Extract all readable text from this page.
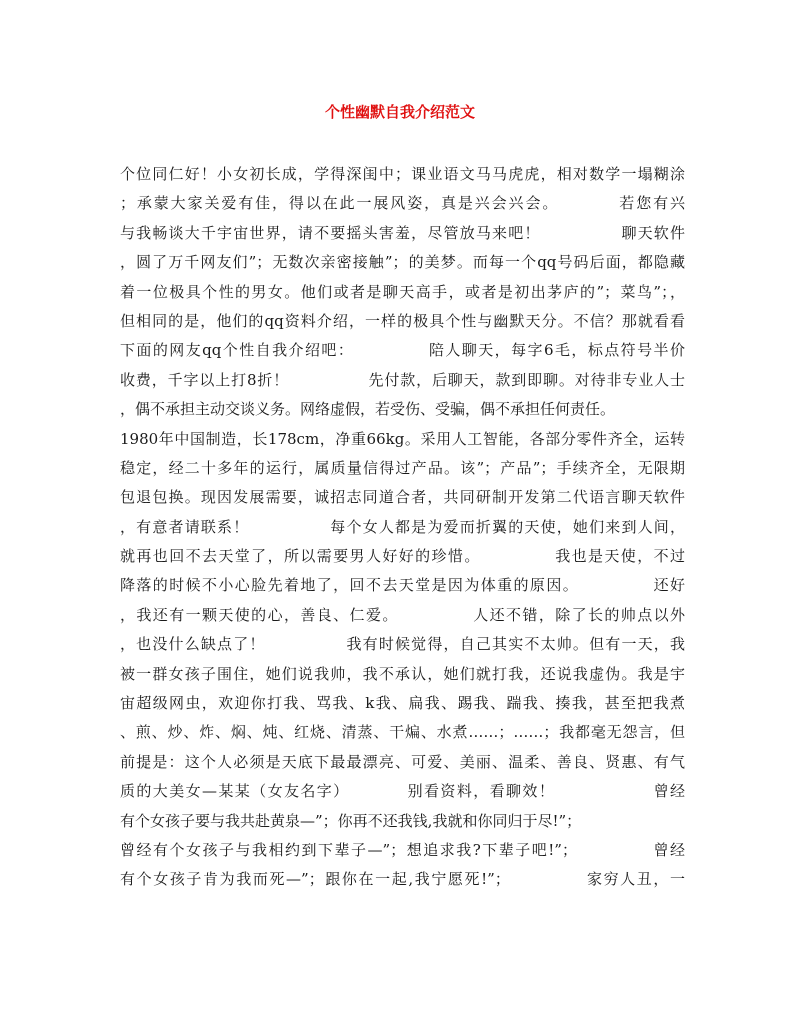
个性幽默自我介绍范文
个位同仁好！小女初长成，学得深闺中；课业语文马马虎虎，相对数学一塌糊涂
；承蒙大家关爱有佳，得以在此一展风姿，真是兴会兴会。　　　　若您有兴
与我畅谈大千宇宙世界，请不要摇头害羞，尽管放马来吧！　　　　　聊天软件
，圆了万千网友们”；无数次亲密接触”；的美梦。而每一个qq号码后面，都隐藏
着一位极具个性的男女。他们或者是聊天高手，或者是初出茅庐的”；菜鸟”；，
但相同的是，他们的qq资料介绍，一样的极具个性与幽默天分。不信？那就看看
下面的网友qq个性自我介绍吧：　　　　　陪人聊天，每字6毛，标点符号半价
收费，千字以上打8折！　　　　　先付款，后聊天，款到即聊。对待非专业人士
，偶不承担主动交谈义务。网络虚假，若受伤、受骗，偶不承担任何责任。
1980年中国制造，长178cm，净重66kg。采用人工智能，各部分零件齐全，运转
稳定，经二十多年的运行，属质量信得过产品。该”；产品”；手续齐全，无限期
包退包换。现因发展需要，诚招志同道合者，共同研制开发第二代语言聊天软件
，有意者请联系！　　　　　每个女人都是为爱而折翼的天使，她们来到人间，
就再也回不去天堂了，所以需要男人好好的珍惜。　　　　　我也是天使，不过
降落的时候不小心脸先着地了，回不去天堂是因为体重的原因。　　　　　还好
，我还有一颗天使的心，善良、仁爱。　　　　　人还不错，除了长的帅点以外
，也没什么缺点了！　　　　　我有时候觉得，自己其实不太帅。但有一天，我
被一群女孩子围住，她们说我帅，我不承认，她们就打我，还说我虚伪。我是宇
宙超级网虫，欢迎你打我、骂我、k我、扁我、踢我、踹我、揍我，甚至把我煮
、煎、炒、炸、焖、炖、红烧、清蒸、干煸、水煮……；……；我都毫无怨言，但
前提是：这个人必须是天底下最最漂亮、可爱、美丽、温柔、善良、贤惠、有气
质的大美女—某某（女友名字）　　　　别看资料，看聊效！　　　　　　曾经
有个女孩子要与我共赴黄泉—”；你再不还我钱,我就和你同归于尽!”；
曾经有个女孩子与我相约到下辈子—”；想追求我?下辈子吧!”；　　　　　曾经
有个女孩子肯为我而死—”；跟你在一起,我宁愿死!”；　　　　　家穷人丑，一
